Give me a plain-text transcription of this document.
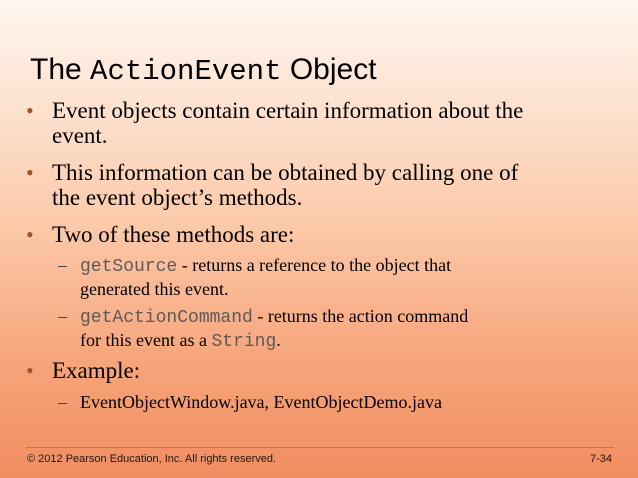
The ActionEvent Object
• Event objects contain certain information about the
event.
• This information can be obtained by calling one of
the event object’s methods.
• Two of these methods are:
– getSource - returns a reference to the object that
generated this event.
– getActionCommand - returns the action command
for this event as a String.
• Example:
– EventObjectWindow.java, EventObjectDemo.java
© 2012 Pearson Education, Inc. All rights reserved.	7-34
